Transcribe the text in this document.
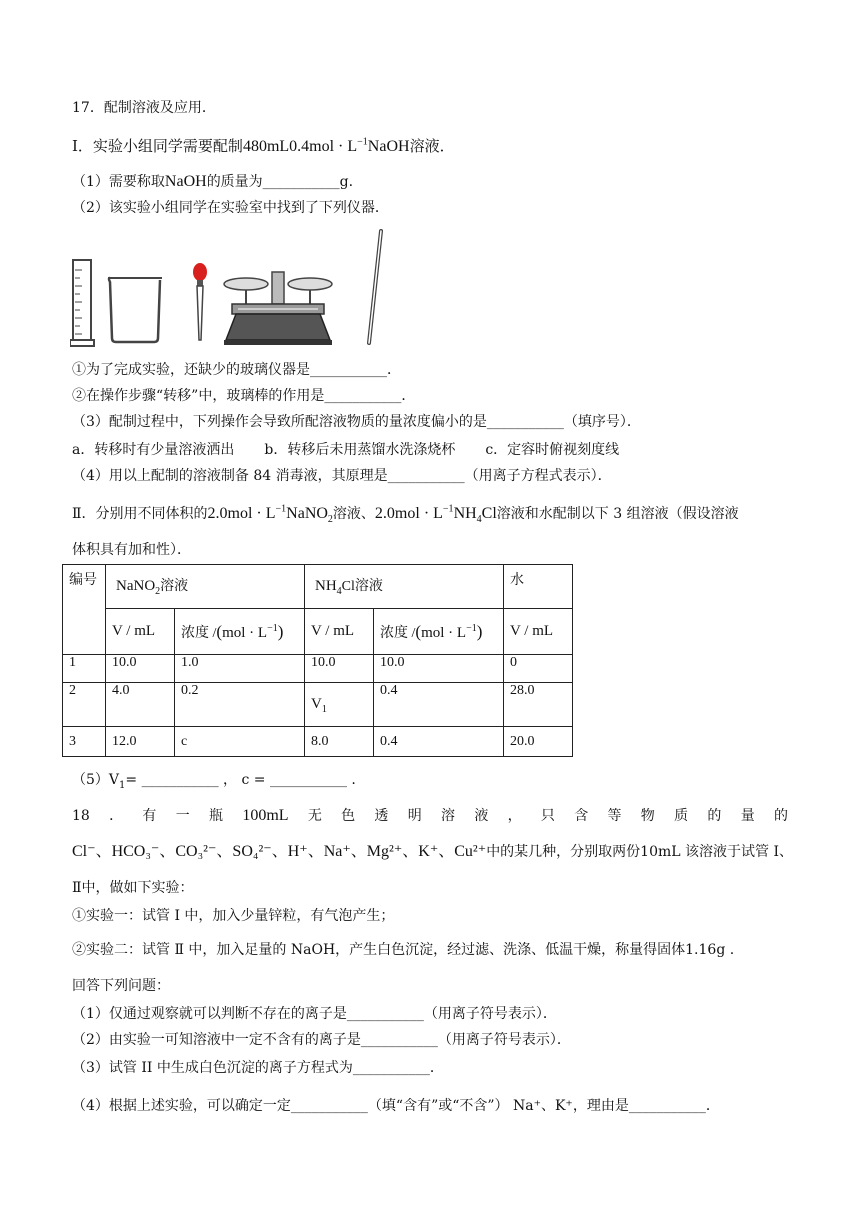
17．配制溶液及应用．
Ⅰ．实验小组同学需要配制$480mL0.4mol \cdot L^{-1}NaOH$溶液．
（1）需要称取NaOH的质量为___________g.
（2）该实验小组同学在实验室中找到了下列仪器．
①为了完成实验，还缺少的玻璃仪器是___________．
②在操作步骤“转移”中，玻璃棒的作用是___________．
（3）配制过程中，下列操作会导致所配溶液物质的量浓度偏小的是___________（填序号）．
a．转移时有少量溶液洒出 b．转移后未用蒸馏水洗涤烧杯 c．定容时俯视刻度线
（4）用以上配制的溶液制备 84 消毒液，其原理是___________（用离子方程式表示）．
Ⅱ．分别用不同体积的$2.0mol \cdot L^{-1}NaNO_2$溶液、$2.0mol \cdot L^{-1}NH_4Cl$溶液和水配制以下 3 组溶液（假设溶液
体积具有加和性）．
编号	NaNO$_2$溶液		$NH_4Cl$溶液		水
	V / mL	浓度 $/(mol \cdot L^{-1})$	V / mL	浓度 $/(mol \cdot L^{-1})$	V / mL
1	10.0	1.0	10.0	10.0	0
2	4.0	0.2	$V_1$	0.4	28.0
3	12.0	c	8.0	0.4	20.0
$(5)V_1=$ ___________ ， c = ___________ .
18 ． 有 一 瓶 100mL 无 色 透 明 溶 液 ， 只 含 等 物 质 的 量 的
Cl⁻、HCO₃⁻、CO₃²⁻、SO₄²⁻、H⁺、Na⁺、Mg²⁺、K⁺、Cu²⁺中的某几种，分别取两份10mL 该溶液于试管 Ⅰ、
Ⅱ中，做如下实验：
①实验一：试管 Ⅰ 中，加入少量锌粒，有气泡产生；
②实验二：试管 Ⅱ 中，加入足量的 NaOH，产生白色沉淀，经过滤、洗涤、低温干燥，称量得固体1.16g .
回答下列问题：
（1）仅通过观察就可以判断不存在的离子是___________（用离子符号表示）．
（2）由实验一可知溶液中一定不含有的离子是___________（用离子符号表示）．
（3）试管 II 中生成白色沉淀的离子方程式为___________．
（4）根据上述实验，可以确定一定___________（填“含有”或“不含”） Na⁺、K⁺，理由是___________．
